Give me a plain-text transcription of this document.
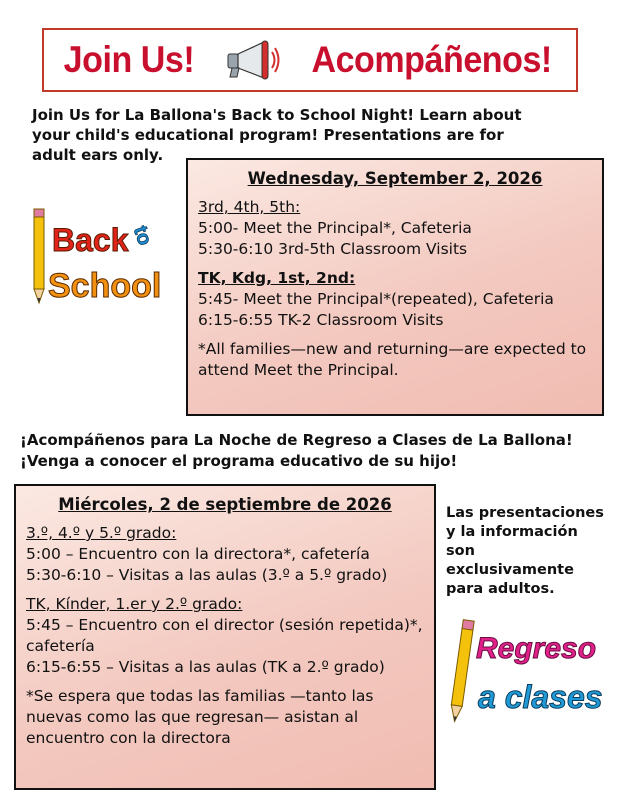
Join Us!	Acompáñenos!
Join Us for La Ballona's Back to School Night! Learn about your child's educational program! Presentations are for adult ears only.
Back to
School
Wednesday, September 2, 2026
3rd, 4th, 5th:
5:00- Meet the Principal*, Cafeteria
5:30-6:10 3rd-5th Classroom Visits
TK, Kdg, 1st, 2nd:
5:45- Meet the Principal*(repeated), Cafeteria
6:15-6:55 TK-2 Classroom Visits
*All families—new and returning—are expected to attend Meet the Principal.
¡Acompáñenos para La Noche de Regreso a Clases de La Ballona!
¡Venga a conocer el programa educativo de su hijo!
Miércoles, 2 de septiembre de 2026
3.º, 4.º y 5.º grado:
5:00 – Encuentro con la directora*, cafetería
5:30-6:10 – Visitas a las aulas (3.º a 5.º grado)
TK, Kínder, 1.er y 2.º grado:
5:45 – Encuentro con el director (sesión repetida)*, cafetería
6:15-6:55 – Visitas a las aulas (TK a 2.º grado)
*Se espera que todas las familias —tanto las nuevas como las que regresan— asistan al encuentro con la directora
Las presentaciones y la información son exclusivamente para adultos.
Regreso
a clases
